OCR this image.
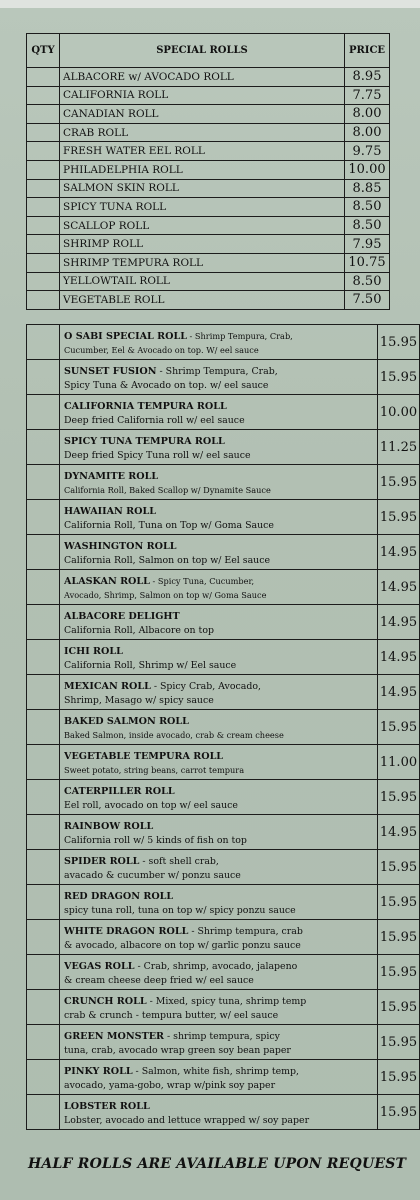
QTY	SPECIAL ROLLS	PRICE
	ALBACORE w/ AVOCADO ROLL	8.95
	CALIFORNIA ROLL	7.75
	CANADIAN ROLL	8.00
	CRAB ROLL	8.00
	FRESH WATER EEL ROLL	9.75
	PHILADELPHIA ROLL	10.00
	SALMON SKIN ROLL	8.85
	SPICY TUNA ROLL	8.50
	SCALLOP ROLL	8.50
	SHRIMP ROLL	7.95
	SHRIMP TEMPURA ROLL	10.75
	YELLOWTAIL ROLL	8.50
	VEGETABLE ROLL	7.50

	O SABI SPECIAL ROLL - Shrimp Tempura, Crab,
Cucumber, Eel & Avocado on top. W/ eel sauce	15.95

	SUNSET FUSION - Shrimp Tempura, Crab,
Spicy Tuna & Avocado on top. w/ eel sauce	15.95

	CALIFORNIA TEMPURA ROLL
Deep fried California roll w/ eel sauce	10.00

	SPICY TUNA TEMPURA ROLL
Deep fried Spicy Tuna roll w/ eel sauce	11.25

	DYNAMITE ROLL
California Roll, Baked Scallop w/ Dynamite Sauce	15.95

	HAWAIIAN ROLL
California Roll, Tuna on Top w/ Goma Sauce	15.95

	WASHINGTON ROLL
California Roll, Salmon on top w/ Eel sauce	14.95

	ALASKAN ROLL - Spicy Tuna, Cucumber,
Avocado, Shrimp, Salmon on top w/ Goma Sauce	14.95

	ALBACORE DELIGHT
California Roll, Albacore on top	14.95

	ICHI ROLL
California Roll, Shrimp w/ Eel sauce	14.95

	MEXICAN ROLL - Spicy Crab, Avocado,
Shrimp, Masago w/ spicy sauce	14.95

	BAKED SALMON ROLL
Baked Salmon, inside avocado, crab & cream cheese	15.95

	VEGETABLE TEMPURA ROLL
Sweet potato, string beans, carrot tempura	11.00

	CATERPILLER ROLL
Eel roll, avocado on top w/ eel sauce	15.95

	RAINBOW ROLL
California roll w/ 5 kinds of fish on top	14.95

	SPIDER ROLL - soft shell crab,
avacado & cucumber w/ ponzu sauce	15.95

	RED DRAGON ROLL
spicy tuna roll, tuna on top w/ spicy ponzu sauce	15.95

	WHITE DRAGON ROLL - Shrimp tempura, crab
& avocado, albacore on top w/ garlic ponzu sauce	15.95

	VEGAS ROLL - Crab, shrimp, avocado, jalapeno
& cream cheese deep fried w/ eel sauce	15.95

	CRUNCH ROLL - Mixed, spicy tuna, shrimp temp
crab & crunch - tempura butter, w/ eel sauce	15.95

	GREEN MONSTER - shrimp tempura, spicy
tuna, crab, avocado wrap green soy bean paper	15.95

	PINKY ROLL - Salmon, white fish, shrimp temp,
avocado, yama-gobo, wrap w/pink soy paper	15.95

	LOBSTER ROLL
Lobster, avocado and lettuce wrapped w/ soy paper	15.95
HALF ROLLS ARE AVAILABLE UPON REQUEST
